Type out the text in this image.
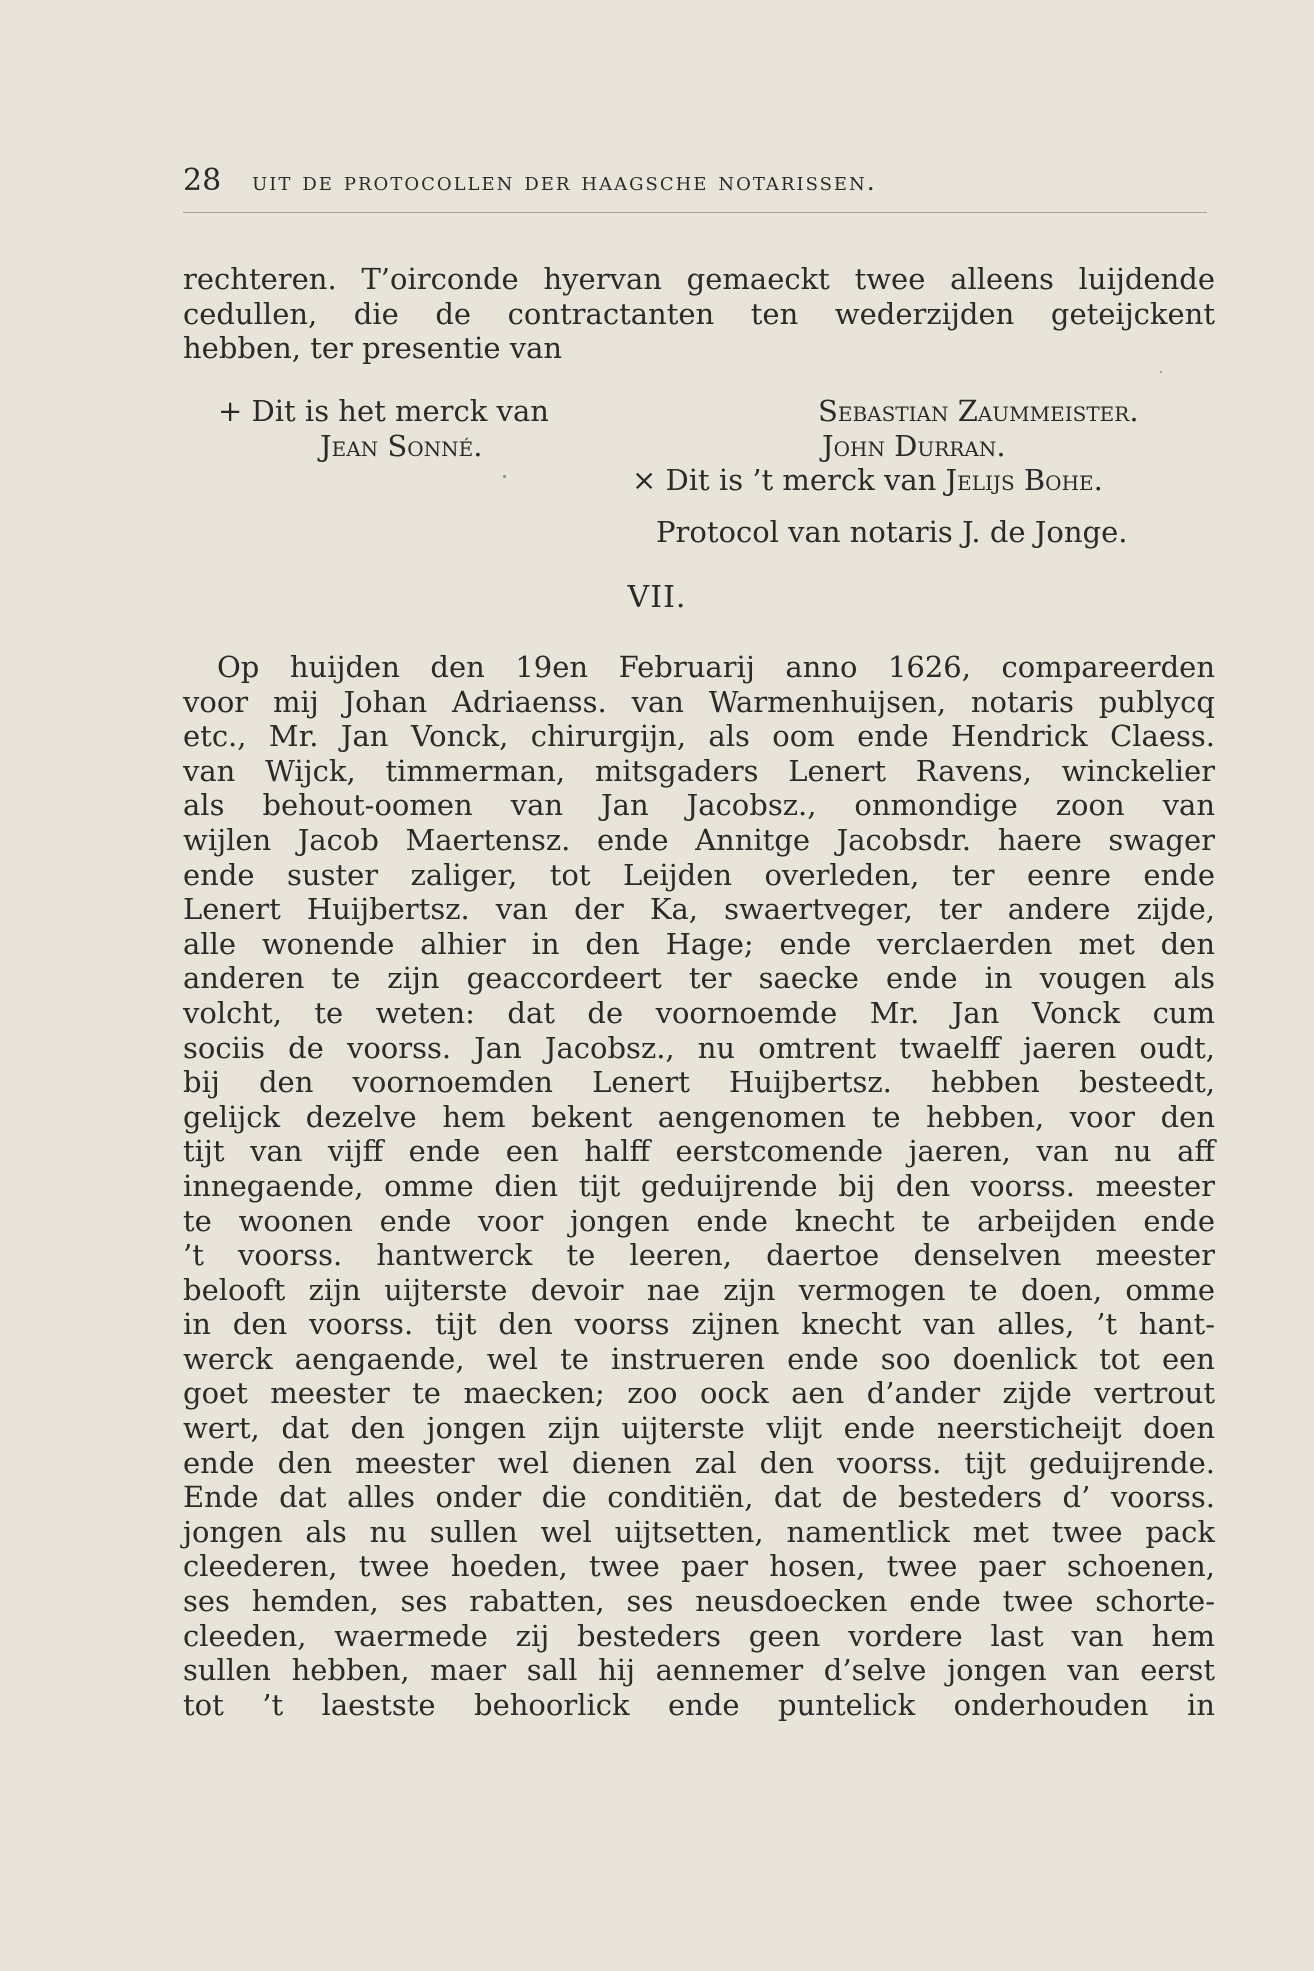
28 uit de protocollen der haagsche notarissen.
rechteren. T’oirconde hyervan gemaeckt twee alleens luijdende
cedullen, die de contractanten ten wederzijden geteijckent
hebben, ter presentie van
+ Dit is het merck van	Sebastian Zaummeister.
Jean Sonné.	John Durran.
× Dit is ’t merck van Jelijs Bohe.
Protocol van notaris J. de Jonge.
VII.
Op huijden den 19en Februarij anno 1626, compareerden
voor mij Johan Adriaenss. van Warmenhuijsen, notaris publycq
etc., Mr. Jan Vonck, chirurgijn, als oom ende Hendrick Claess.
van Wijck, timmerman, mitsgaders Lenert Ravens, winckelier
als behout-oomen van Jan Jacobsz., onmondige zoon van
wijlen Jacob Maertensz. ende Annitge Jacobsdr. haere swager
ende suster zaliger, tot Leijden overleden, ter eenre ende
Lenert Huijbertsz. van der Ka, swaertveger, ter andere zijde,
alle wonende alhier in den Hage; ende verclaerden met den
anderen te zijn geaccordeert ter saecke ende in vougen als
volcht, te weten: dat de voornoemde Mr. Jan Vonck cum
sociis de voorss. Jan Jacobsz., nu omtrent twaelff jaeren oudt,
bij den voornoemden Lenert Huijbertsz. hebben besteedt,
gelijck dezelve hem bekent aengenomen te hebben, voor den
tijt van vijff ende een halff eerstcomende jaeren, van nu aff
innegaende, omme dien tijt geduijrende bij den voorss. meester
te woonen ende voor jongen ende knecht te arbeijden ende
’t voorss. hantwerck te leeren, daertoe denselven meester
belooft zijn uijterste devoir nae zijn vermogen te doen, omme
in den voorss. tijt den voorss zijnen knecht van alles, ’t hant-
werck aengaende, wel te instrueren ende soo doenlick tot een
goet meester te maecken; zoo oock aen d’ander zijde vertrout
wert, dat den jongen zijn uijterste vlijt ende neersticheijt doen
ende den meester wel dienen zal den voorss. tijt geduijrende.
Ende dat alles onder die conditiën, dat de besteders d’ voorss.
jongen als nu sullen wel uijtsetten, namentlick met twee pack
cleederen, twee hoeden, twee paer hosen, twee paer schoenen,
ses hemden, ses rabatten, ses neusdoecken ende twee schorte-
cleeden, waermede zij besteders geen vordere last van hem
sullen hebben, maer sall hij aennemer d’selve jongen van eerst
tot ’t laestste behoorlick ende puntelick onderhouden in
